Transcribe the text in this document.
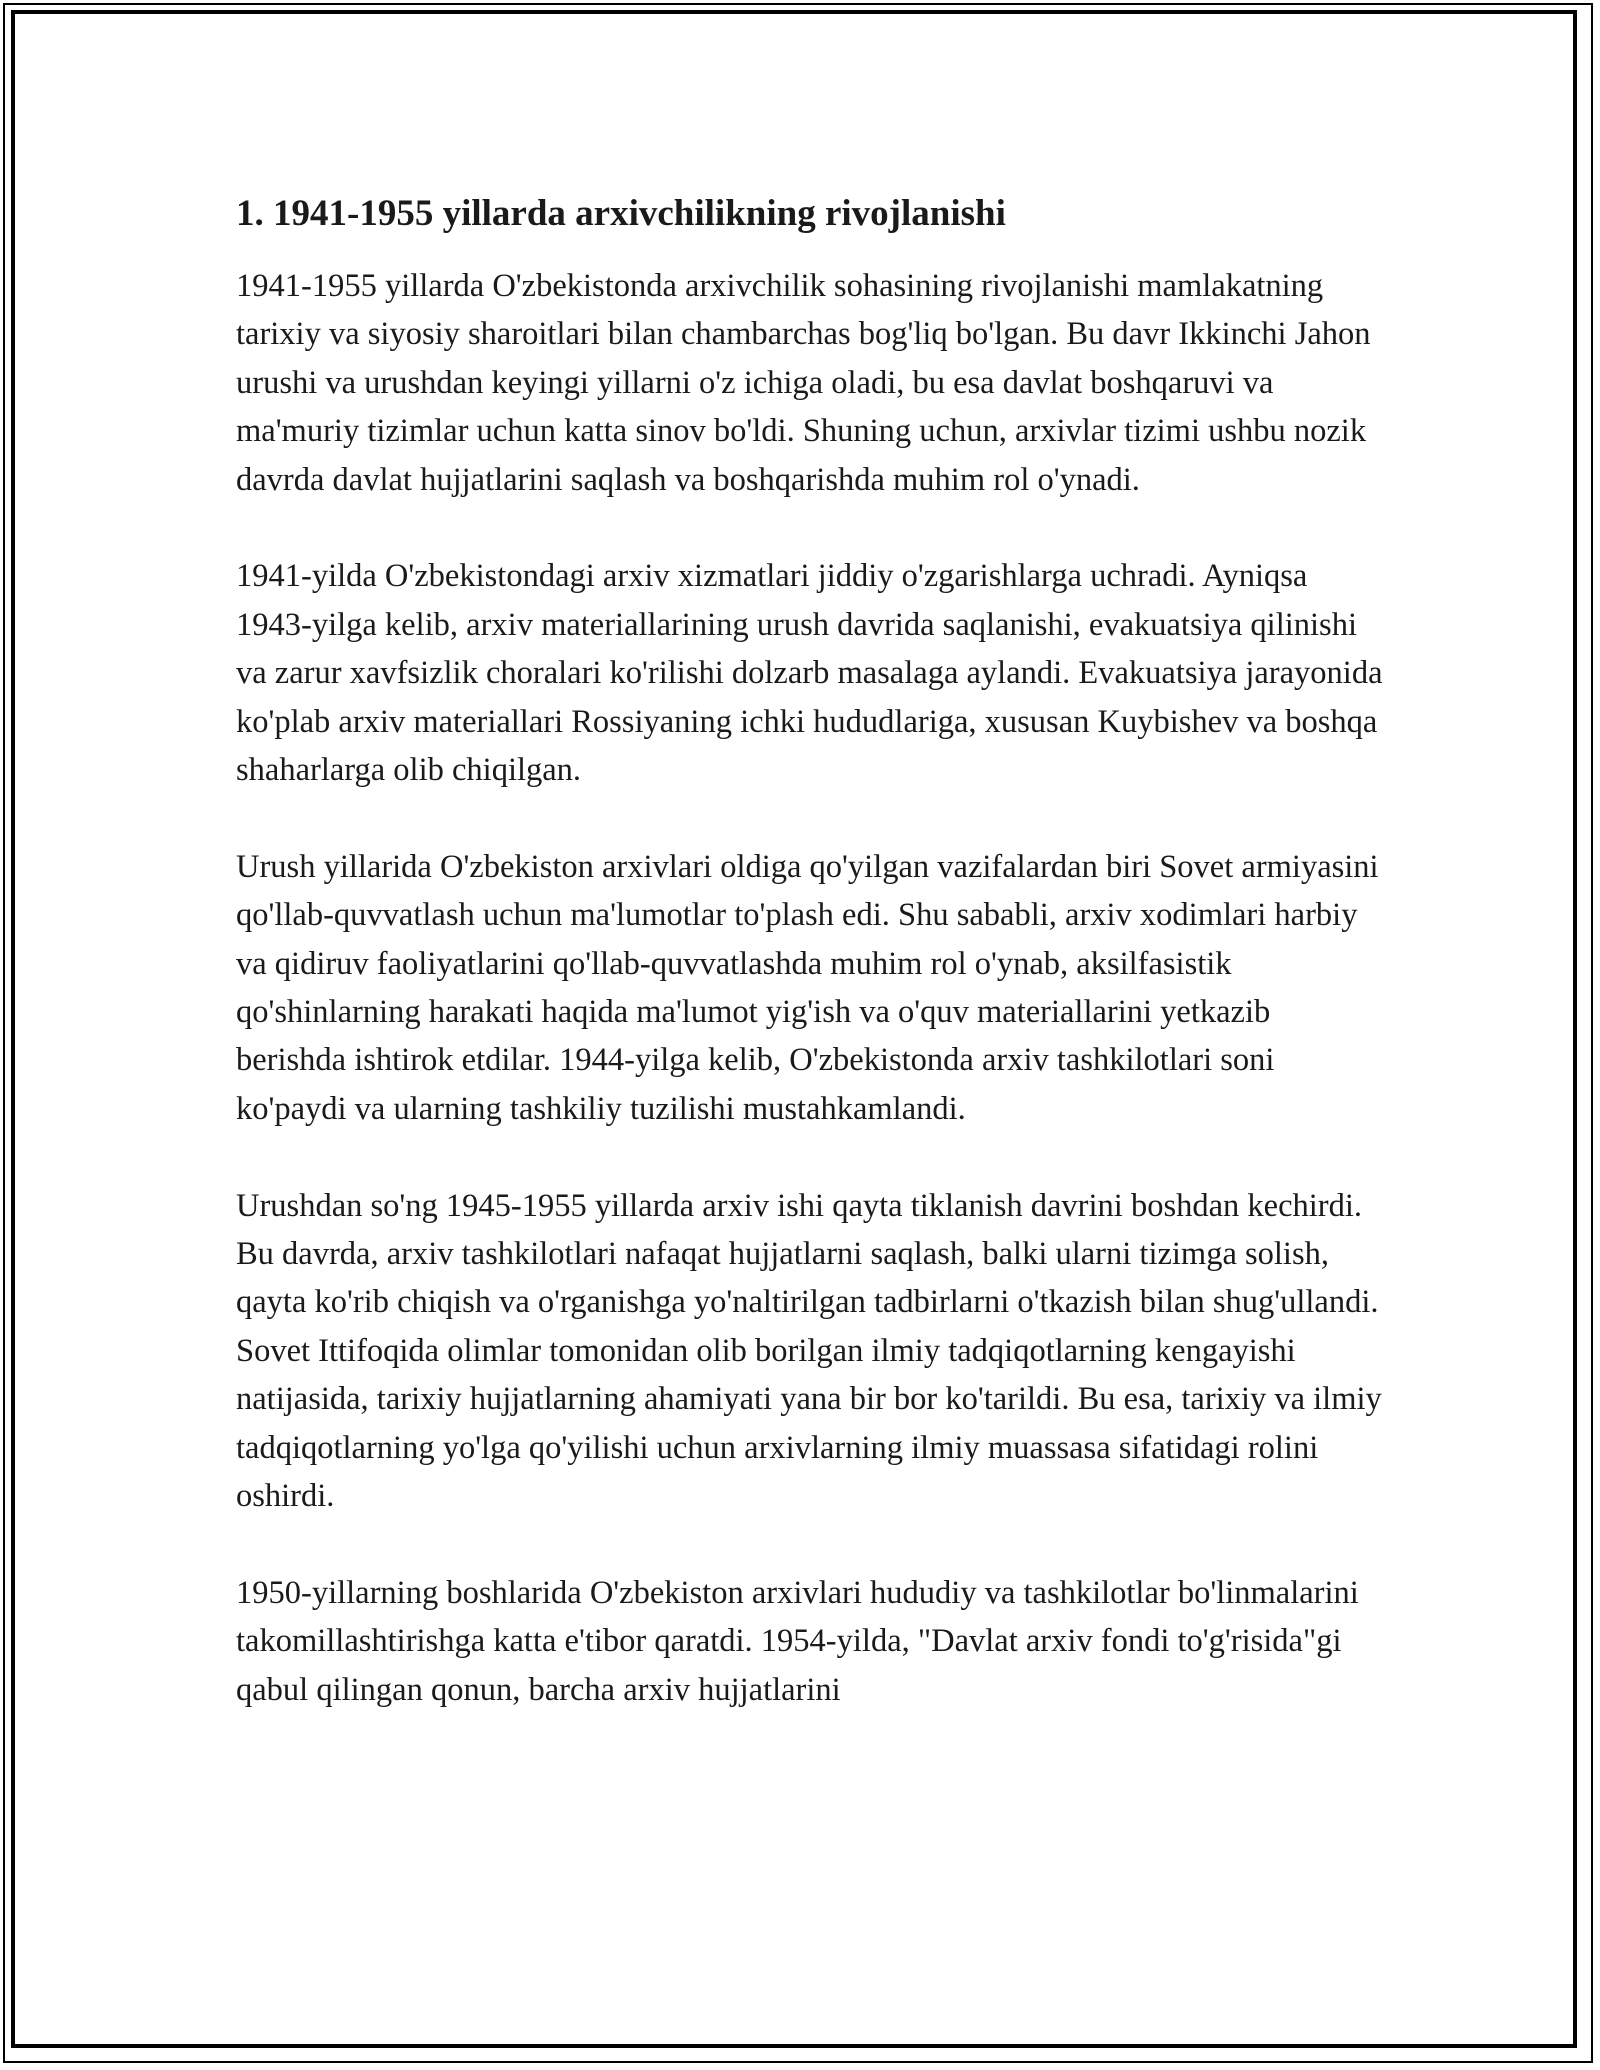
1. 1941-1955 yillarda arxivchilikning rivojlanishi

1941-1955 yillarda O'zbekistonda arxivchilik sohasining rivojlanishi mamlakatning tarixiy va siyosiy sharoitlari bilan chambarchas bog'liq bo'lgan. Bu davr Ikkinchi Jahon urushi va urushdan keyingi yillarni o'z ichiga oladi, bu esa davlat boshqaruvi va ma'muriy tizimlar uchun katta sinov bo'ldi. Shuning uchun, arxivlar tizimi ushbu nozik davrda davlat hujjatlarini saqlash va boshqarishda muhim rol o'ynadi.

1941-yilda O'zbekistondagi arxiv xizmatlari jiddiy o'zgarishlarga uchradi. Ayniqsa 1943-yilga kelib, arxiv materiallarining urush davrida saqlanishi, evakuatsiya qilinishi va zarur xavfsizlik choralari ko'rilishi dolzarb masalaga aylandi. Evakuatsiya jarayonida ko'plab arxiv materiallari Rossiyaning ichki hududlariga, xususan Kuybishev va boshqa shaharlarga olib chiqilgan.

Urush yillarida O'zbekiston arxivlari oldiga qo'yilgan vazifalardan biri Sovet armiyasini qo'llab-quvvatlash uchun ma'lumotlar to'plash edi. Shu sababli, arxiv xodimlari harbiy va qidiruv faoliyatlarini qo'llab-quvvatlashda muhim rol o'ynab, aksilfasistik qo'shinlarning harakati haqida ma'lumot yig'ish va o'quv materiallarini yetkazib berishda ishtirok etdilar. 1944-yilga kelib, O'zbekistonda arxiv tashkilotlari soni ko'paydi va ularning tashkiliy tuzilishi mustahkamlandi.

Urushdan so'ng 1945-1955 yillarda arxiv ishi qayta tiklanish davrini boshdan kechirdi. Bu davrda, arxiv tashkilotlari nafaqat hujjatlarni saqlash, balki ularni tizimga solish, qayta ko'rib chiqish va o'rganishga yo'naltirilgan tadbirlarni o'tkazish bilan shug'ullandi. Sovet Ittifoqida olimlar tomonidan olib borilgan ilmiy tadqiqotlarning kengayishi natijasida, tarixiy hujjatlarning ahamiyati yana bir bor ko'tarildi. Bu esa, tarixiy va ilmiy tadqiqotlarning yo'lga qo'yilishi uchun arxivlarning ilmiy muassasa sifatidagi rolini oshirdi.

1950-yillarning boshlarida O'zbekiston arxivlari hududiy va tashkilotlar bo'linmalarini takomillashtirishga katta e'tibor qaratdi. 1954-yilda, "Davlat arxiv fondi to'g'risida"gi qabul qilingan qonun, barcha arxiv hujjatlarini
